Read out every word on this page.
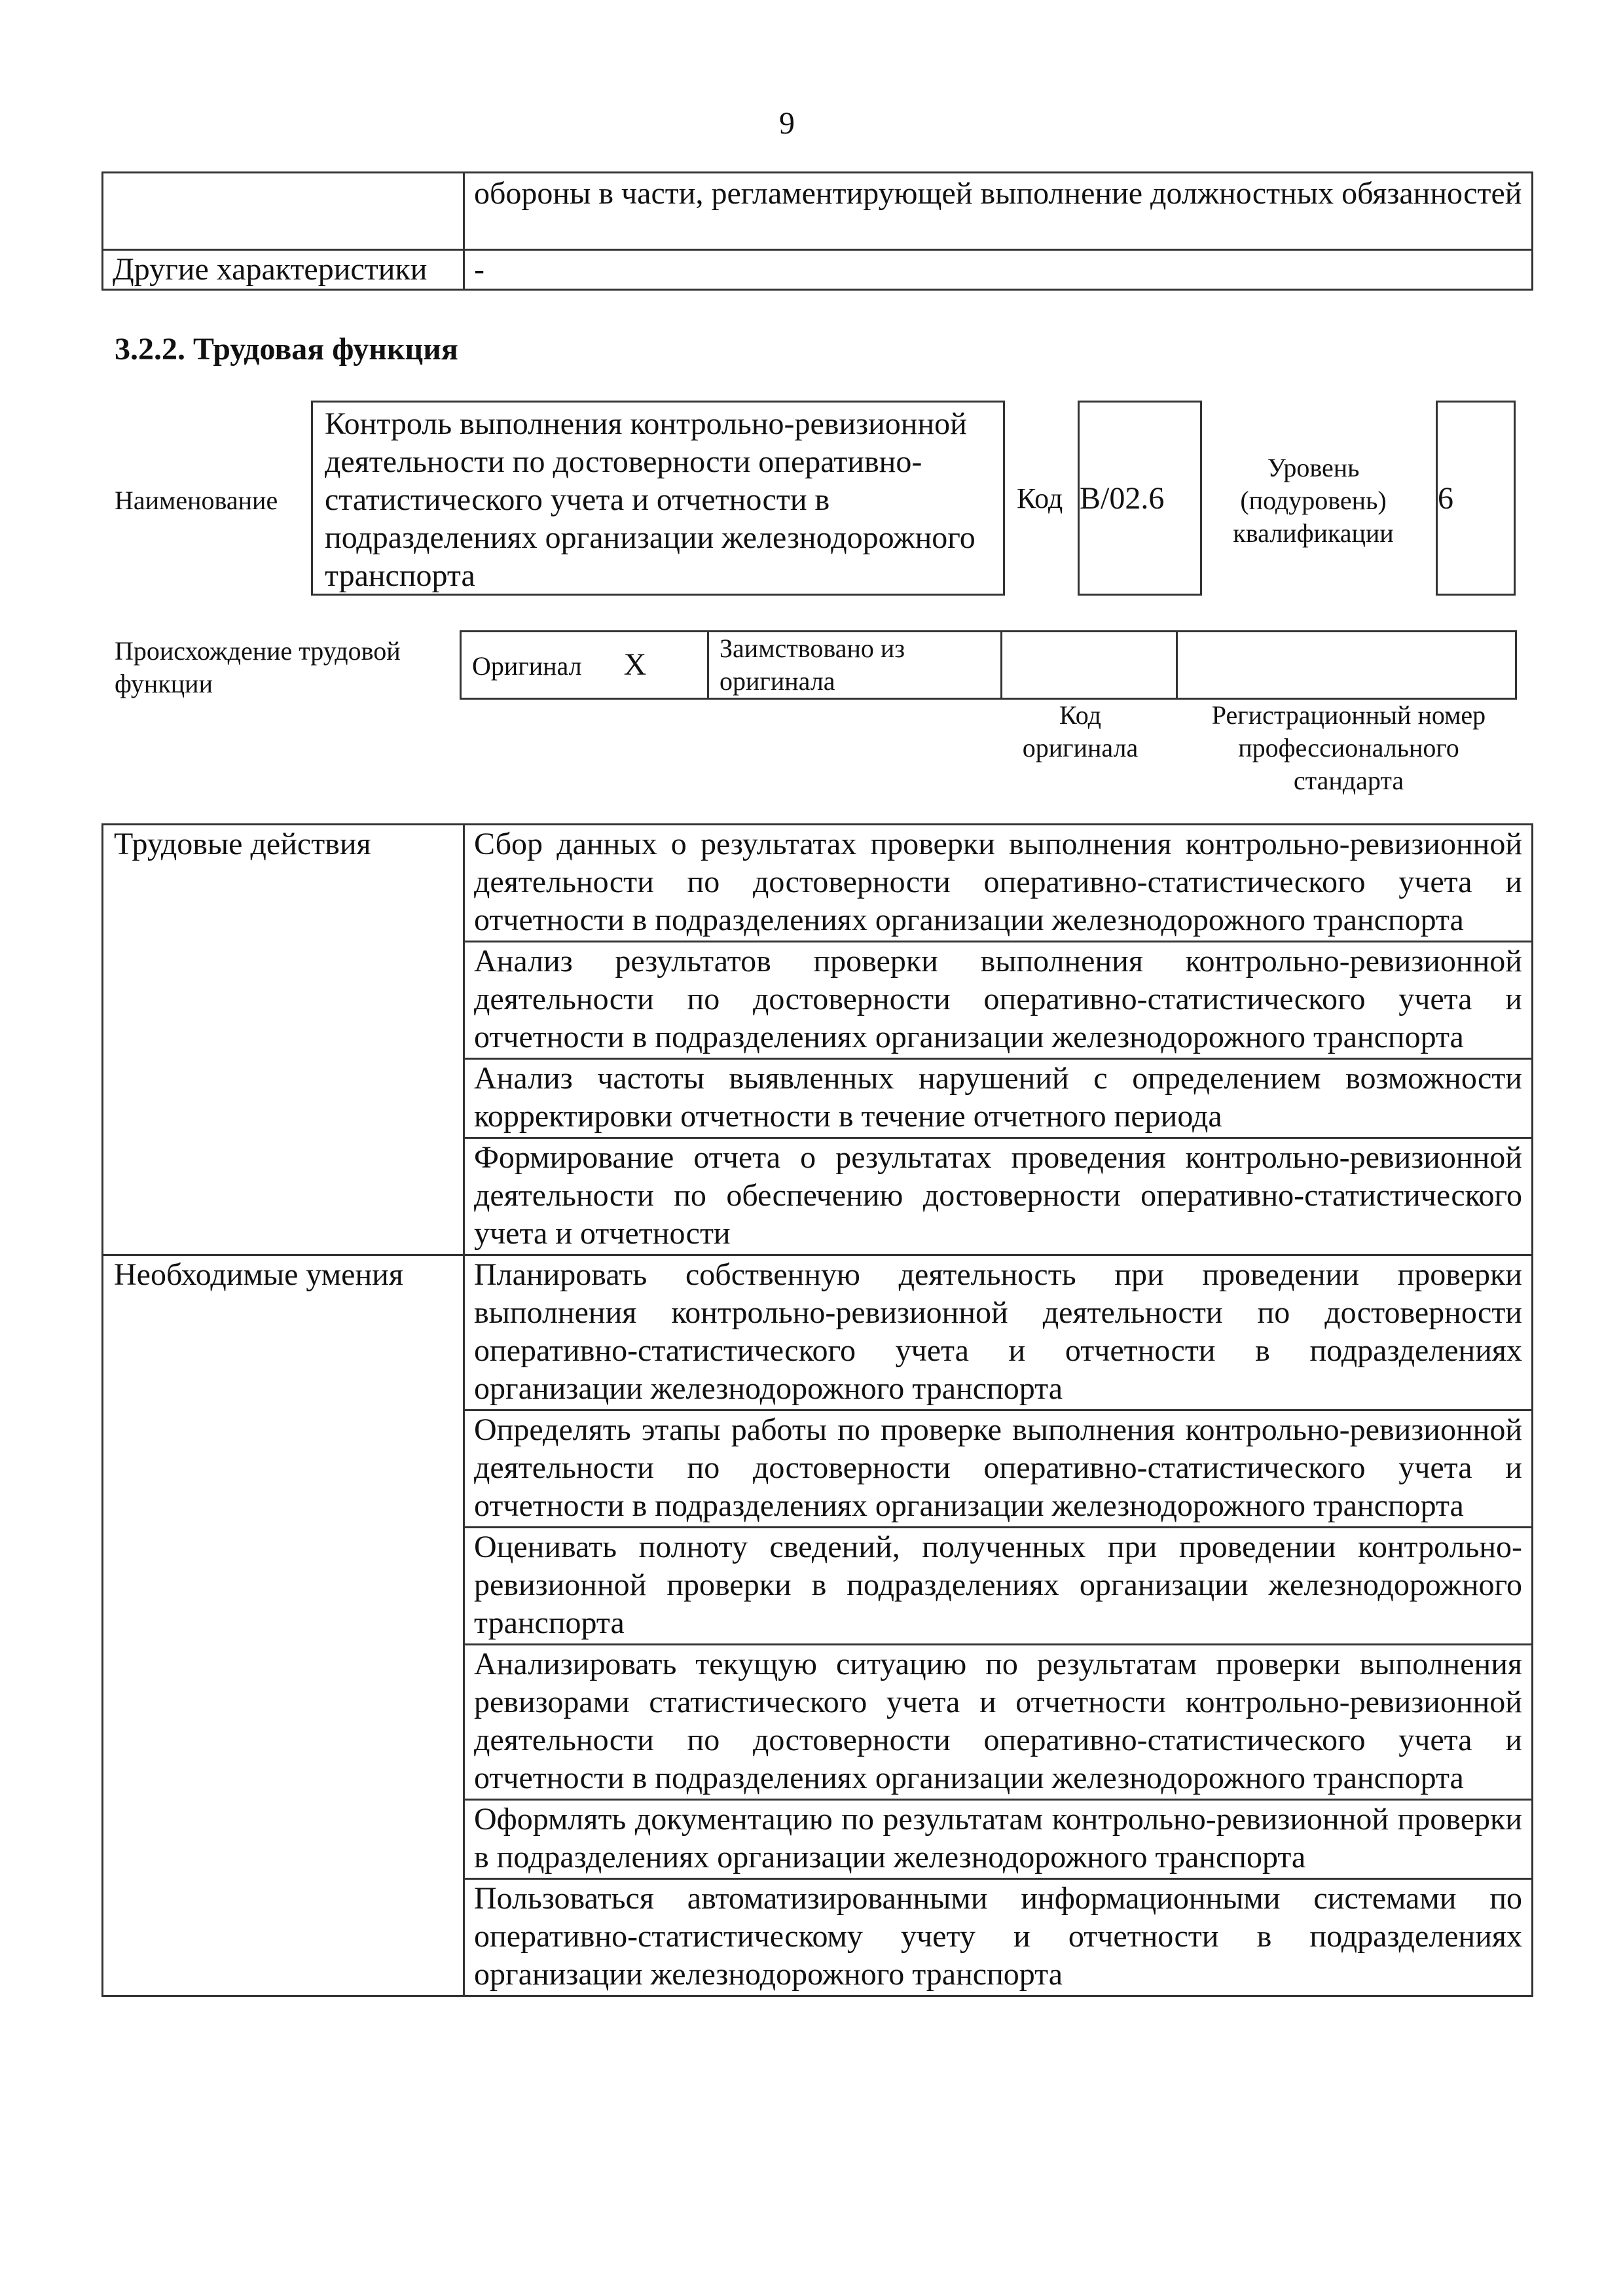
9
	обороны в части, регламентирующей выполнение должностных обязанностей
Другие характеристики	-
3.2.2. Трудовая функция
Наименование
Контроль выполнения контрольно-ревизионной деятельности по достоверности оперативно-статистического учета и отчетности в подразделениях организации железнодорожного транспорта
Код B/02.6
Уровень (подуровень) квалификации
6
Происхождение трудовой функции
Оригинал X	Заимствовано из оригинала		
Код оригинала
Регистрационный номер профессионального стандарта
Трудовые действия	Сбор данных о результатах проверки выполнения контрольно-ревизионной деятельности по достоверности оперативно-статистического учета и отчетности в подразделениях организации железнодорожного транспорта
	Анализ результатов проверки выполнения контрольно-ревизионной деятельности по достоверности оперативно-статистического учета и отчетности в подразделениях организации железнодорожного транспорта
	Анализ частоты выявленных нарушений с определением возможности корректировки отчетности в течение отчетного периода
	Формирование отчета о результатах проведения контрольно-ревизионной деятельности по обеспечению достоверности оперативно-статистического учета и отчетности
Необходимые умения	Планировать собственную деятельность при проведении проверки выполнения контрольно-ревизионной деятельности по достоверности оперативно-статистического учета и отчетности в подразделениях организации железнодорожного транспорта
	Определять этапы работы по проверке выполнения контрольно-ревизионной деятельности по достоверности оперативно-статистического учета и отчетности в подразделениях организации железнодорожного транспорта
	Оценивать полноту сведений, полученных при проведении контрольно-ревизионной проверки в подразделениях организации железнодорожного транспорта
	Анализировать текущую ситуацию по результатам проверки выполнения ревизорами статистического учета и отчетности контрольно-ревизионной деятельности по достоверности оперативно-статистического учета и отчетности в подразделениях организации железнодорожного транспорта
	Оформлять документацию по результатам контрольно-ревизионной проверки в подразделениях организации железнодорожного транспорта
	Пользоваться автоматизированными информационными системами по оперативно-статистическому учету и отчетности в подразделениях организации железнодорожного транспорта
